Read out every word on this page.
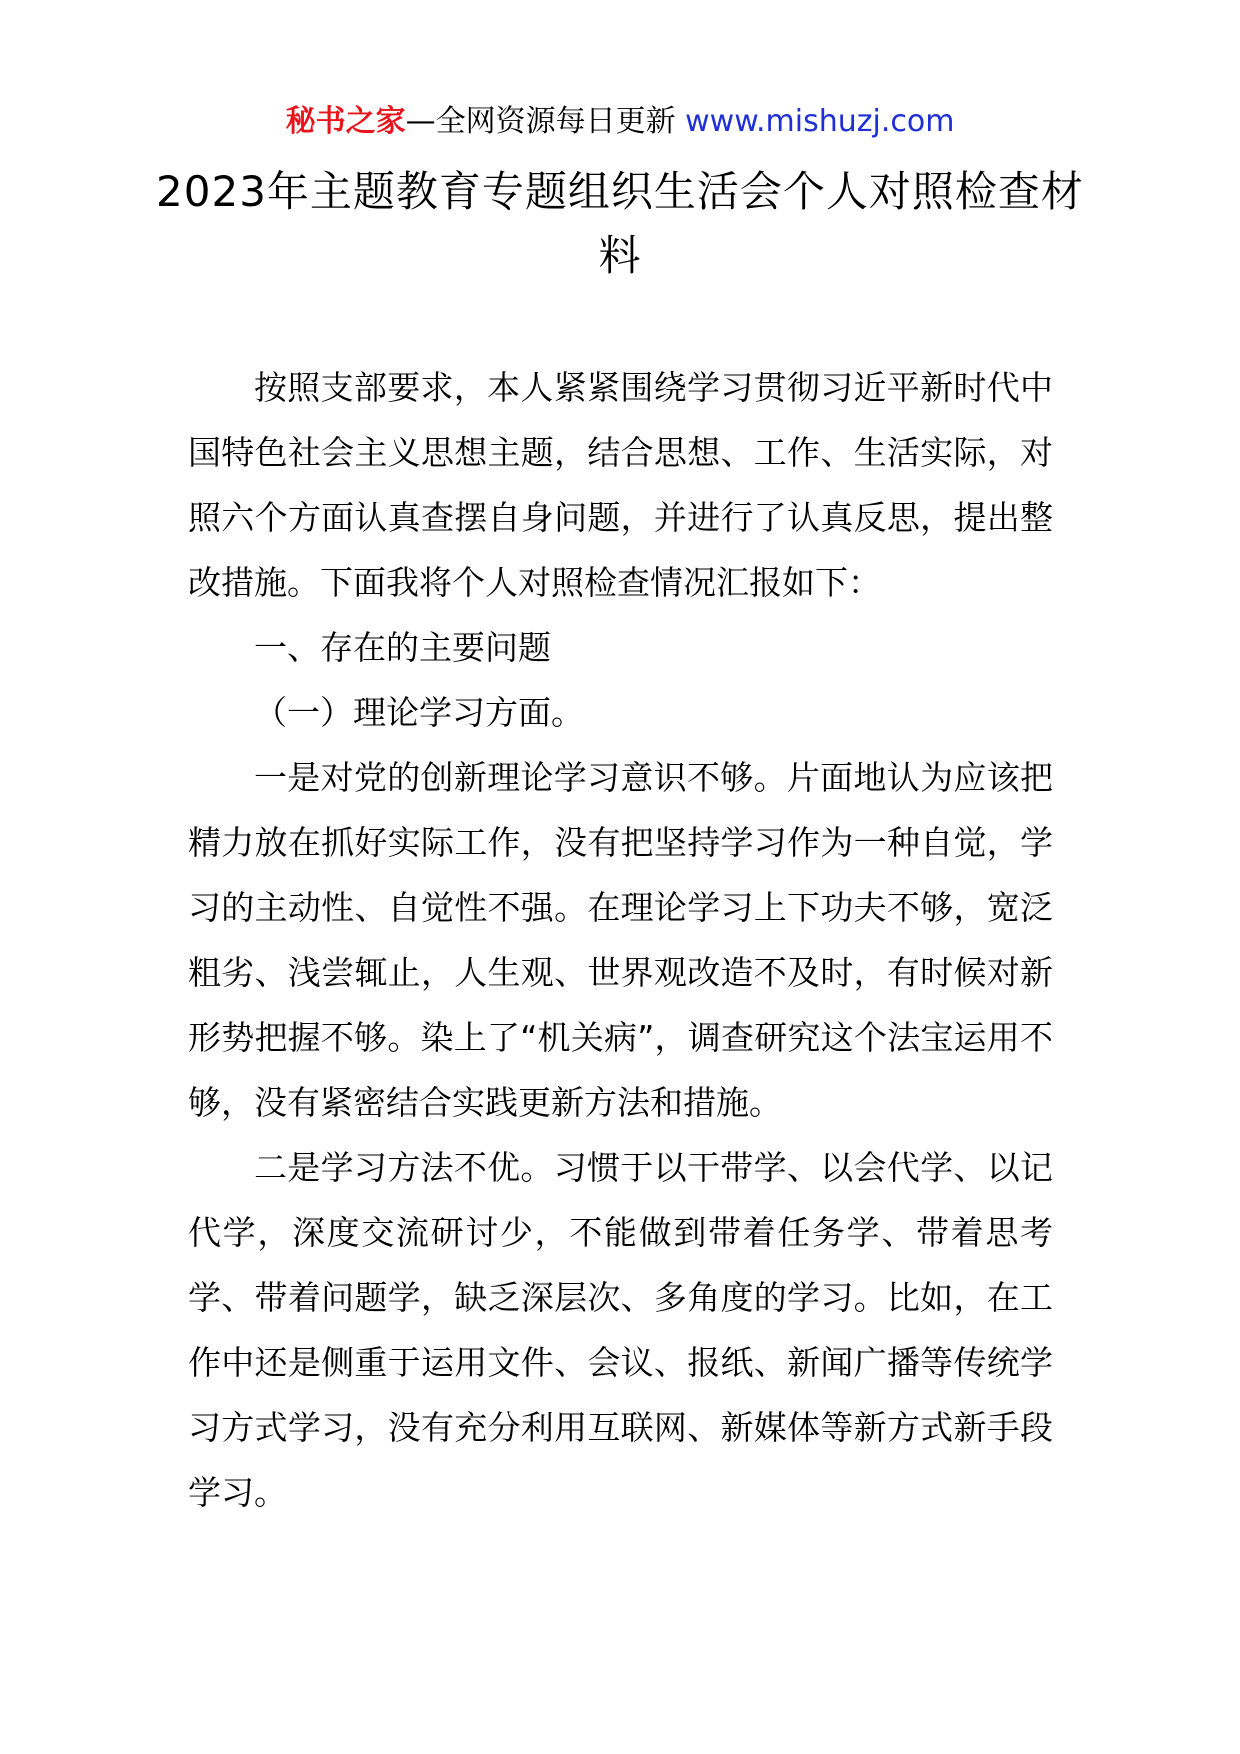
秘书之家—全网资源每日更新 www.mishuzj.com
2023年主题教育专题组织生活会个人对照检查材料

按照支部要求，本人紧紧围绕学习贯彻习近平新时代中国特色社会主义思想主题，结合思想、工作、生活实际，对照六个方面认真查摆自身问题，并进行了认真反思，提出整改措施。下面我将个人对照检查情况汇报如下：

一、存在的主要问题

（一）理论学习方面。

一是对党的创新理论学习意识不够。片面地认为应该把精力放在抓好实际工作，没有把坚持学习作为一种自觉，学习的主动性、自觉性不强。在理论学习上下功夫不够，宽泛粗劣、浅尝辄止，人生观、世界观改造不及时，有时候对新形势把握不够。染上了“机关病”，调查研究这个法宝运用不够，没有紧密结合实践更新方法和措施。

二是学习方法不优。习惯于以干带学、以会代学、以记代学，深度交流研讨少，不能做到带着任务学、带着思考学、带着问题学，缺乏深层次、多角度的学习。比如，在工作中还是侧重于运用文件、会议、报纸、新闻广播等传统学习方式学习，没有充分利用互联网、新媒体等新方式新手段学习。
